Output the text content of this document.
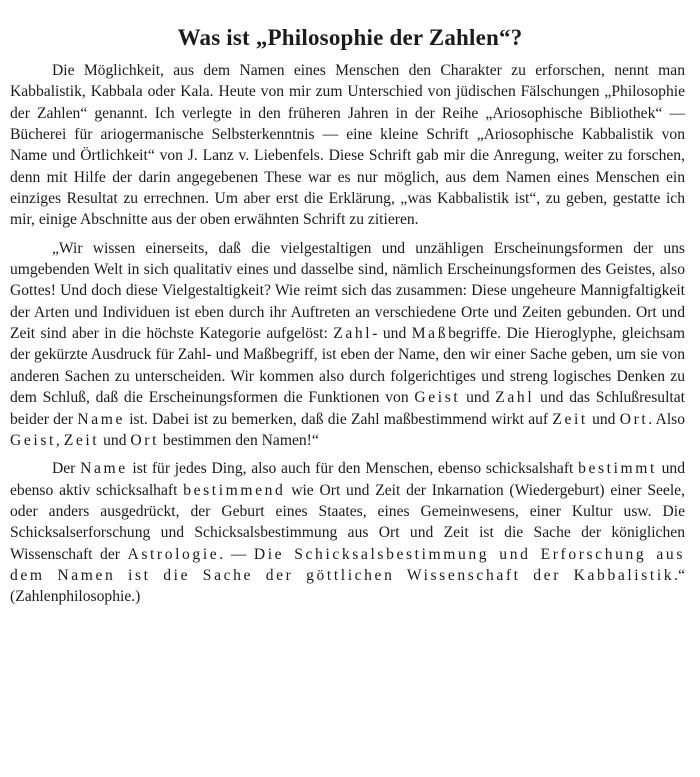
Was ist „Philosophie der Zahlen“?

Die Möglichkeit, aus dem Namen eines Menschen den Charakter zu erforschen, nennt man Kabbalistik, Kabbala oder Kala. Heute von mir zum Unterschied von jüdischen Fälschungen „Philosophie der Zahlen“ genannt. Ich verlegte in den früheren Jahren in der Reihe „Ariosophische Bibliothek“ — Bücherei für ariogermanische Selbsterkenntnis — eine kleine Schrift „Ariosophische Kabbalistik von Name und Örtlichkeit“ von J. Lanz v. Liebenfels. Diese Schrift gab mir die Anregung, weiter zu forschen, denn mit Hilfe der darin angegebenen These war es nur möglich, aus dem Namen eines Menschen ein einziges Resultat zu errechnen. Um aber erst die Erklärung, „was Kabbalistik ist“, zu geben, gestatte ich mir, einige Abschnitte aus der oben erwähnten Schrift zu zitieren.

„Wir wissen einerseits, daß die vielgestaltigen und unzähligen Erscheinungsformen der uns umgebenden Welt in sich qualitativ eines und dasselbe sind, nämlich Erscheinungsformen des Geistes, also Gottes! Und doch diese Vielgestaltigkeit? Wie reimt sich das zusammen: Diese ungeheure Mannigfaltigkeit der Arten und Individuen ist eben durch ihr Auftreten an verschiedene Orte und Zeiten gebunden. Ort und Zeit sind aber in die höchste Kategorie aufgelöst: Zahl- und Maßbegriffe. Die Hieroglyphe, gleichsam der gekürzte Ausdruck für Zahl- und Maßbegriff, ist eben der Name, den wir einer Sache geben, um sie von anderen Sachen zu unterscheiden. Wir kommen also durch folgerichtiges und streng logisches Denken zu dem Schluß, daß die Erscheinungsformen die Funktionen von Geist und Zahl und das Schlußresultat beider der Name ist. Dabei ist zu bemerken, daß die Zahl maßbestimmend wirkt auf Zeit und Ort. Also Geist, Zeit und Ort bestimmen den Namen!“

Der Name ist für jedes Ding, also auch für den Menschen, ebenso schicksalshaft bestimmt und ebenso aktiv schicksalhaft bestimmend wie Ort und Zeit der Inkarnation (Wiedergeburt) einer Seele, oder anders ausgedrückt, der Geburt eines Staates, eines Gemeinwesens, einer Kultur usw. Die Schicksalserforschung und Schicksalsbestimmung aus Ort und Zeit ist die Sache der königlichen Wissenschaft der Astrologie. — Die Schicksalsbestimmung und Erforschung aus dem Namen ist die Sache der göttlichen Wissenschaft der Kabbalistik.“ (Zahlenphilosophie.)
